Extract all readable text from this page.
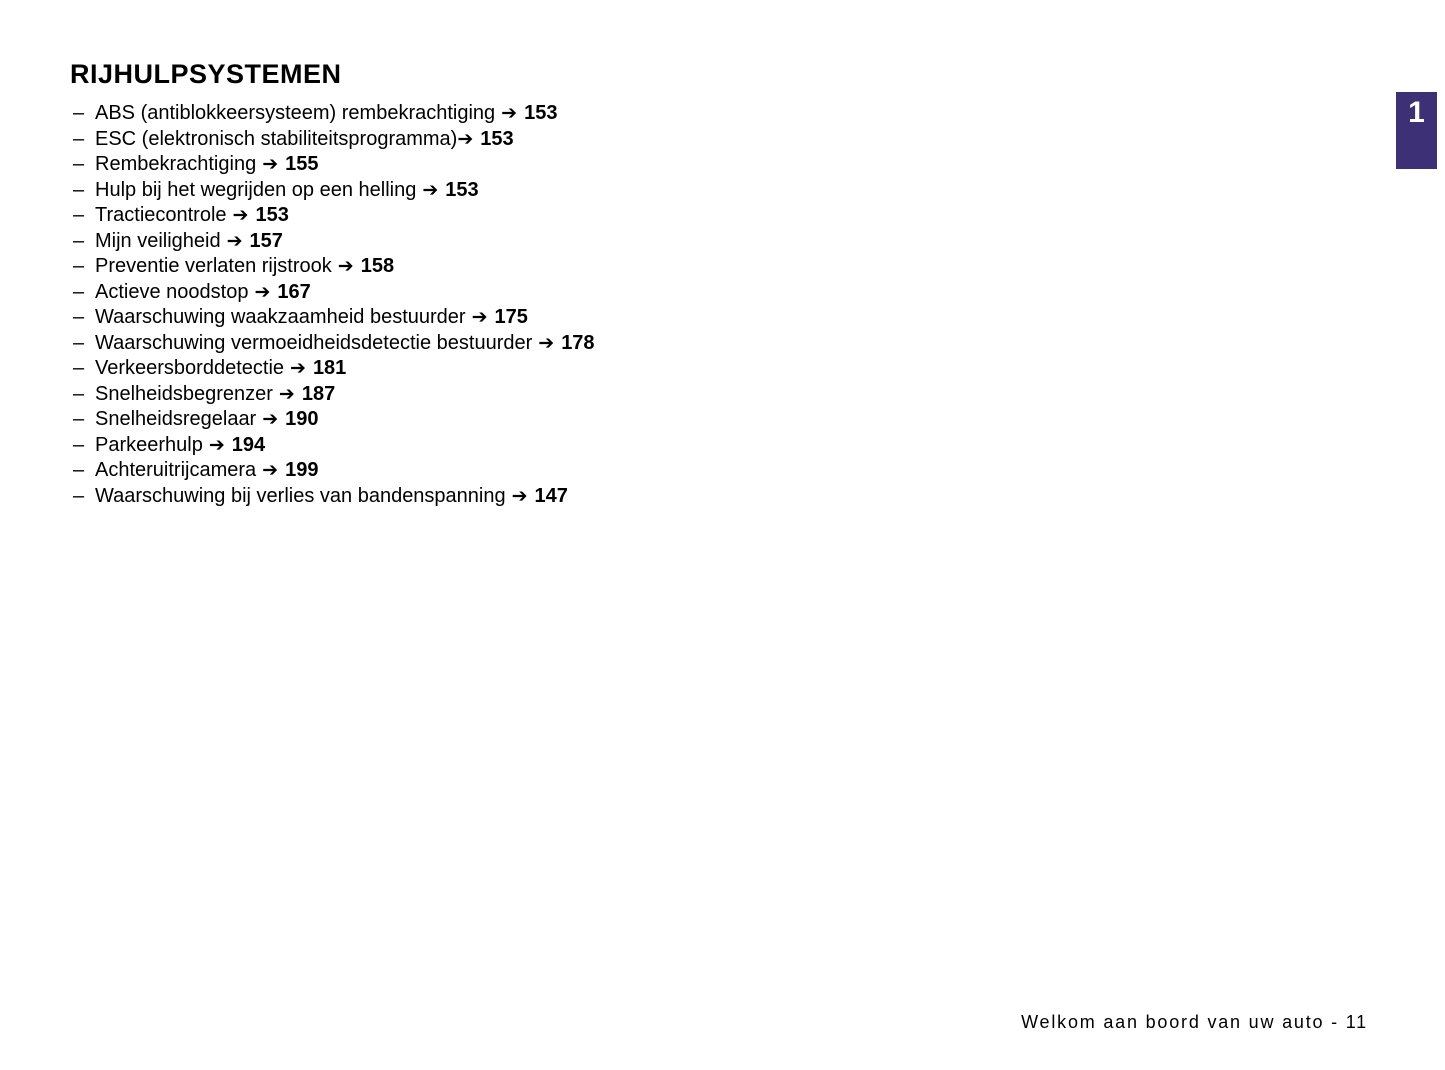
RIJHULPSYSTEMEN
– ABS (antiblokkeersysteem) rembekrachtiging ➔ 153
– ESC (elektronisch stabiliteitsprogramma)➔ 153
– Rembekrachtiging ➔ 155
– Hulp bij het wegrijden op een helling ➔ 153
– Tractiecontrole ➔ 153
– Mijn veiligheid ➔ 157
– Preventie verlaten rijstrook ➔ 158
– Actieve noodstop ➔ 167
– Waarschuwing waakzaamheid bestuurder ➔ 175
– Waarschuwing vermoeidheidsdetectie bestuurder ➔ 178
– Verkeersborddetectie ➔ 181
– Snelheidsbegrenzer ➔ 187
– Snelheidsregelaar ➔ 190
– Parkeerhulp ➔ 194
– Achteruitrijcamera ➔ 199
– Waarschuwing bij verlies van bandenspanning ➔ 147
1
Welkom aan boord van uw auto - 11
